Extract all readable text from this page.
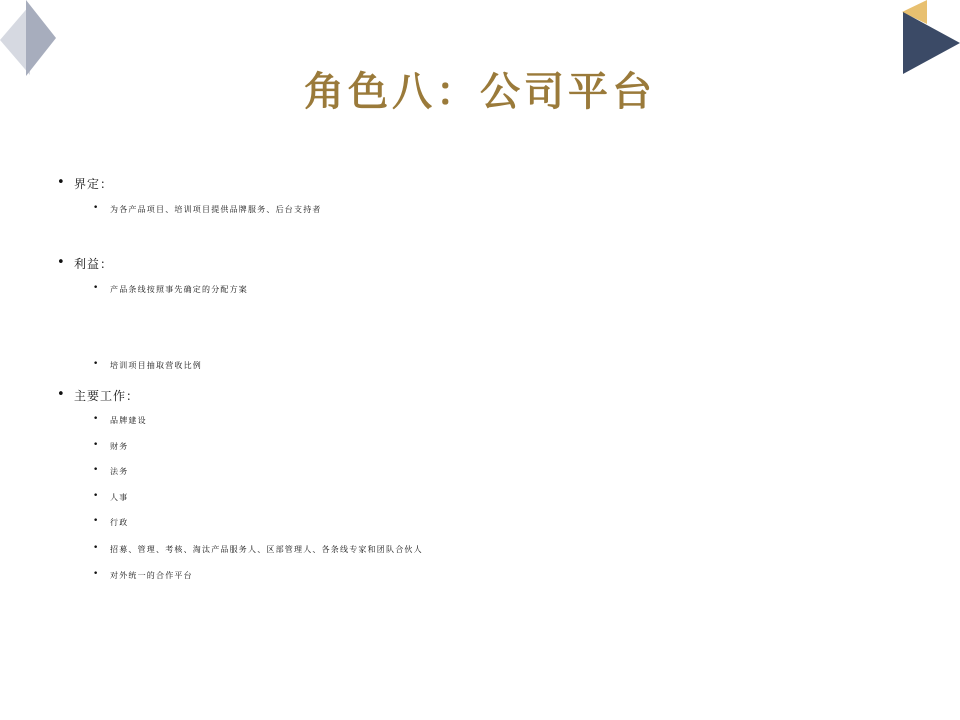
角色八：公司平台
• 界定：
• 为各产品项目、培训项目提供品牌服务、后台支持者
• 利益：
• 产品条线按照事先确定的分配方案
• 培训项目抽取营收比例
• 主要工作：
• 品牌建设
• 财务
• 法务
• 人事
• 行政
• 招募、管理、考核、淘汰产品服务人、区部管理人、各条线专家和团队合伙人
• 对外统一的合作平台
